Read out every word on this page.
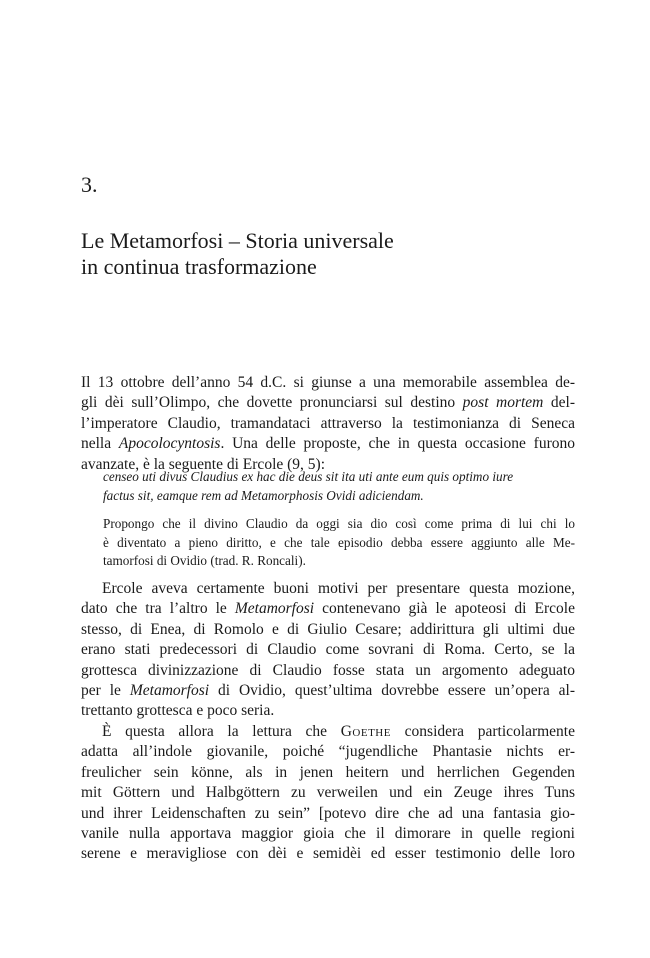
3.
Le Metamorfosi – Storia universale
in continua trasformazione

Il 13 ottobre dell’anno 54 d.C. si giunse a una memorabile assemblea de-
gli dèi sull’Olimpo, che dovette pronunciarsi sul destino post mortem del-
l’imperatore Claudio, tramandataci attraverso la testimonianza di Seneca
nella Apocolocyntosis. Una delle proposte, che in questa occasione furono
avanzate, è la seguente di Ercole (9, 5):

censeo uti divus Claudius ex hac die deus sit ita uti ante eum quis optimo iure
factus sit, eamque rem ad Metamorphosis Ovidi adiciendam.
Propongo che il divino Claudio da oggi sia dio così come prima di lui chi lo
è diventato a pieno diritto, e che tale episodio debba essere aggiunto alle Me-
tamorfosi di Ovidio (trad. R. Roncali).

Ercole aveva certamente buoni motivi per presentare questa mozione,
dato che tra l’altro le Metamorfosi contenevano già le apoteosi di Ercole
stesso, di Enea, di Romolo e di Giulio Cesare; addirittura gli ultimi due
erano stati predecessori di Claudio come sovrani di Roma. Certo, se la
grottesca divinizzazione di Claudio fosse stata un argomento adeguato
per le Metamorfosi di Ovidio, quest’ultima dovrebbe essere un’opera al-
trettanto grottesca e poco seria.

È questa allora la lettura che Goethe considera particolarmente
adatta all’indole giovanile, poiché “jugendliche Phantasie nichts er-
freulicher sein könne, als in jenen heitern und herrlichen Gegenden
mit Göttern und Halbgöttern zu verweilen und ein Zeuge ihres Tuns
und ihrer Leidenschaften zu sein” [potevo dire che ad una fantasia gio-
vanile nulla apportava maggior gioia che il dimorare in quelle regioni
serene e meravigliose con dèi e semidèi ed esser testimonio delle loro
